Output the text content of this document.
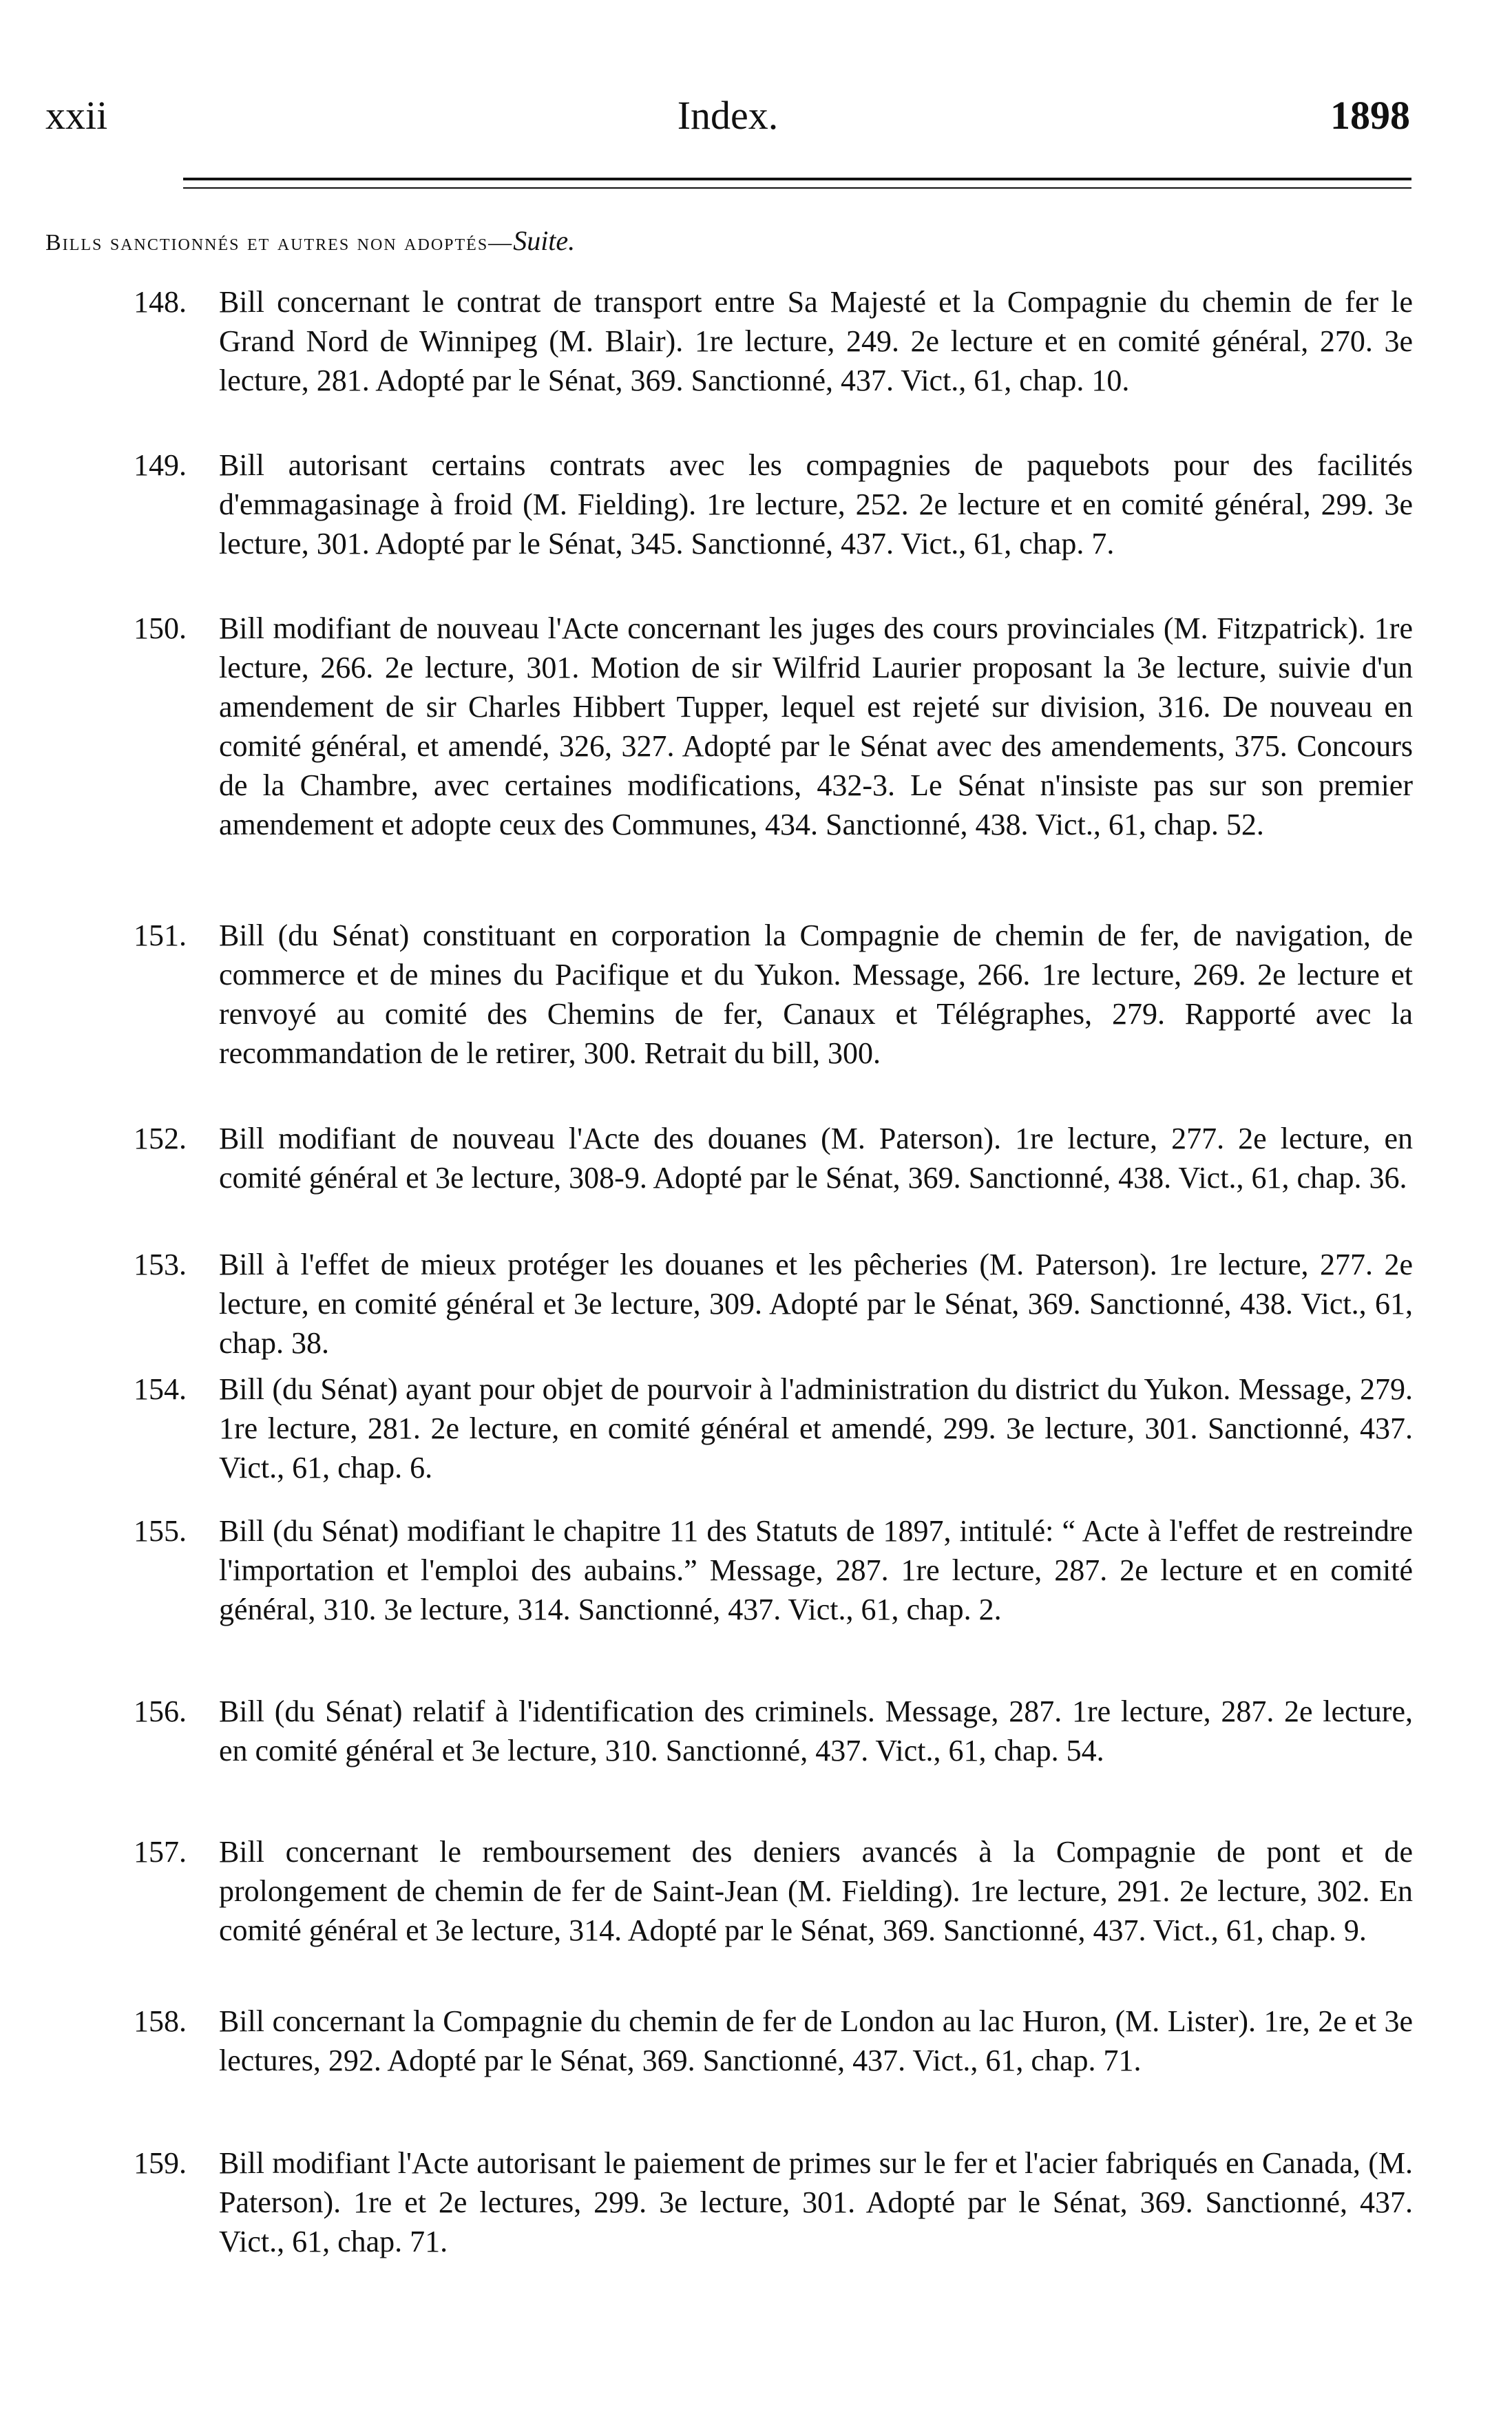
xxii	Index.	1898
Bills sanctionnés et autres non adoptés—Suite.
148. Bill concernant le contrat de transport entre Sa Majesté et la Compagnie du chemin de fer le Grand Nord de Winnipeg (M. Blair). 1re lecture, 249. 2e lecture et en comité général, 270. 3e lecture, 281. Adopté par le Sénat, 369. Sanctionné, 437. Vict., 61, chap. 10.
149. Bill autorisant certains contrats avec les compagnies de paquebots pour des facilités d'emmagasinage à froid (M. Fielding). 1re lecture, 252. 2e lecture et en comité général, 299. 3e lecture, 301. Adopté par le Sénat, 345. Sanctionné, 437. Vict., 61, chap. 7.
150. Bill modifiant de nouveau l'Acte concernant les juges des cours provinciales (M. Fitzpatrick). 1re lecture, 266. 2e lecture, 301. Motion de sir Wilfrid Laurier proposant la 3e lecture, suivie d'un amendement de sir Charles Hibbert Tupper, lequel est rejeté sur division, 316. De nouveau en comité général, et amendé, 326, 327. Adopté par le Sénat avec des amendements, 375. Concours de la Chambre, avec certaines modifications, 432-3. Le Sénat n'insiste pas sur son premier amendement et adopte ceux des Communes, 434. Sanctionné, 438. Vict., 61, chap. 52.
151. Bill (du Sénat) constituant en corporation la Compagnie de chemin de fer, de navigation, de commerce et de mines du Pacifique et du Yukon. Message, 266. 1re lecture, 269. 2e lecture et renvoyé au comité des Chemins de fer, Canaux et Télégraphes, 279. Rapporté avec la recommandation de le retirer, 300. Retrait du bill, 300.
152. Bill modifiant de nouveau l'Acte des douanes (M. Paterson). 1re lecture, 277. 2e lecture, en comité général et 3e lecture, 308-9. Adopté par le Sénat, 369. Sanctionné, 438. Vict., 61, chap. 36.
153. Bill à l'effet de mieux protéger les douanes et les pêcheries (M. Paterson). 1re lecture, 277. 2e lecture, en comité général et 3e lecture, 309. Adopté par le Sénat, 369. Sanctionné, 438. Vict., 61, chap. 38.
154. Bill (du Sénat) ayant pour objet de pourvoir à l'administration du district du Yukon. Message, 279. 1re lecture, 281. 2e lecture, en comité général et amendé, 299. 3e lecture, 301. Sanctionné, 437. Vict., 61, chap. 6.
155. Bill (du Sénat) modifiant le chapitre 11 des Statuts de 1897, intitulé: “ Acte à l'effet de restreindre l'importation et l'emploi des aubains.” Message, 287. 1re lecture, 287. 2e lecture et en comité général, 310. 3e lecture, 314. Sanctionné, 437. Vict., 61, chap. 2.
156. Bill (du Sénat) relatif à l'identification des criminels. Message, 287. 1re lecture, 287. 2e lecture, en comité général et 3e lecture, 310. Sanctionné, 437. Vict., 61, chap. 54.
157. Bill concernant le remboursement des deniers avancés à la Compagnie de pont et de prolongement de chemin de fer de Saint-Jean (M. Fielding). 1re lecture, 291. 2e lecture, 302. En comité général et 3e lecture, 314. Adopté par le Sénat, 369. Sanctionné, 437. Vict., 61, chap. 9.
158. Bill concernant la Compagnie du chemin de fer de London au lac Huron, (M. Lister). 1re, 2e et 3e lectures, 292. Adopté par le Sénat, 369. Sanctionné, 437. Vict., 61, chap. 71.
159. Bill modifiant l'Acte autorisant le paiement de primes sur le fer et l'acier fabriqués en Canada, (M. Paterson). 1re et 2e lectures, 299. 3e lecture, 301. Adopté par le Sénat, 369. Sanctionné, 437. Vict., 61, chap. 71.
